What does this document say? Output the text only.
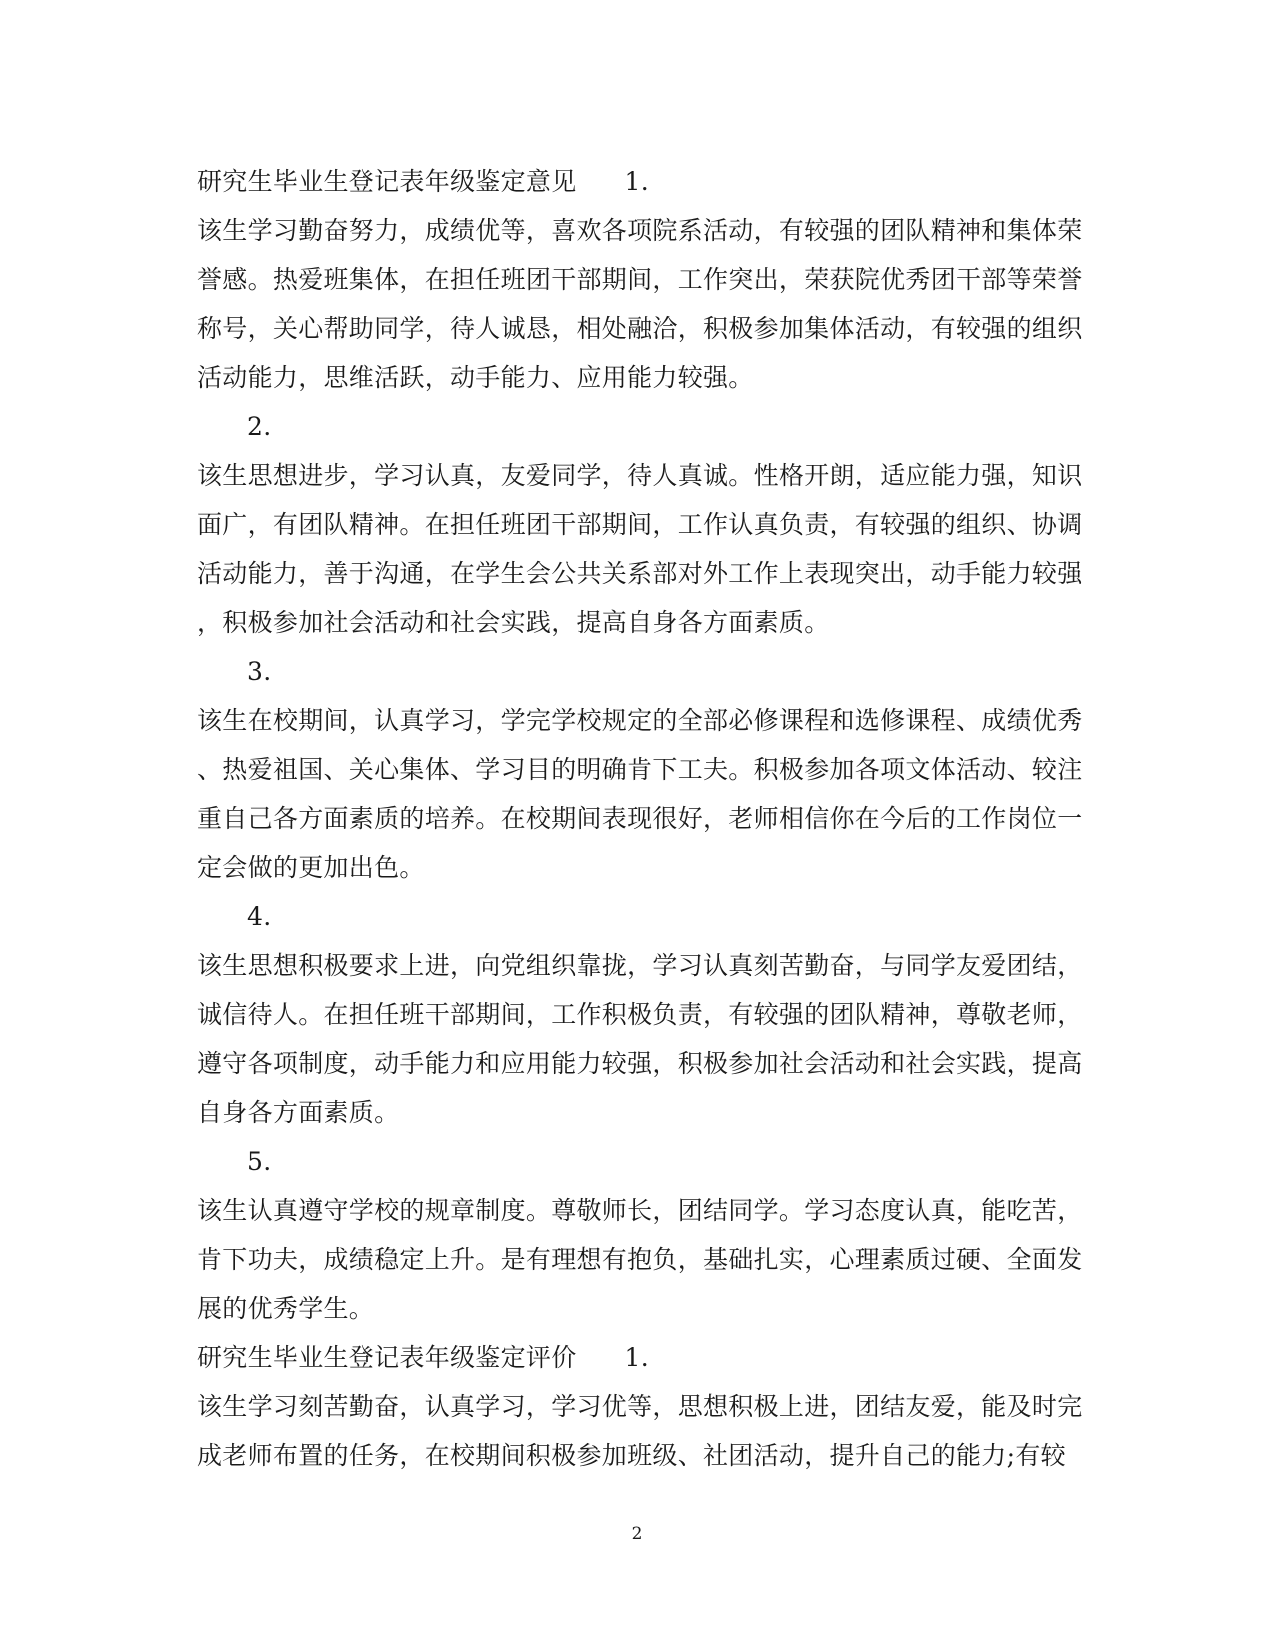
研究生毕业生登记表年级鉴定意见 1.
该生学习勤奋努力，成绩优等，喜欢各项院系活动，有较强的团队精神和集体荣
誉感。热爱班集体，在担任班团干部期间，工作突出，荣获院优秀团干部等荣誉
称号，关心帮助同学，待人诚恳，相处融洽，积极参加集体活动，有较强的组织
活动能力，思维活跃，动手能力、应用能力较强。
2.
该生思想进步，学习认真，友爱同学，待人真诚。性格开朗，适应能力强，知识
面广，有团队精神。在担任班团干部期间，工作认真负责，有较强的组织、协调
活动能力，善于沟通，在学生会公共关系部对外工作上表现突出，动手能力较强
，积极参加社会活动和社会实践，提高自身各方面素质。
3.
该生在校期间，认真学习，学完学校规定的全部必修课程和选修课程、成绩优秀
、热爱祖国、关心集体、学习目的明确肯下工夫。积极参加各项文体活动、较注
重自己各方面素质的培养。在校期间表现很好，老师相信你在今后的工作岗位一
定会做的更加出色。
4.
该生思想积极要求上进，向党组织靠拢，学习认真刻苦勤奋，与同学友爱团结，
诚信待人。在担任班干部期间，工作积极负责，有较强的团队精神，尊敬老师，
遵守各项制度，动手能力和应用能力较强，积极参加社会活动和社会实践，提高
自身各方面素质。
5.
该生认真遵守学校的规章制度。尊敬师长，团结同学。学习态度认真，能吃苦，
肯下功夫，成绩稳定上升。是有理想有抱负，基础扎实，心理素质过硬、全面发
展的优秀学生。
研究生毕业生登记表年级鉴定评价 1.
该生学习刻苦勤奋，认真学习，学习优等，思想积极上进，团结友爱，能及时完
成老师布置的任务，在校期间积极参加班级、社团活动，提升自己的能力;有较
2
